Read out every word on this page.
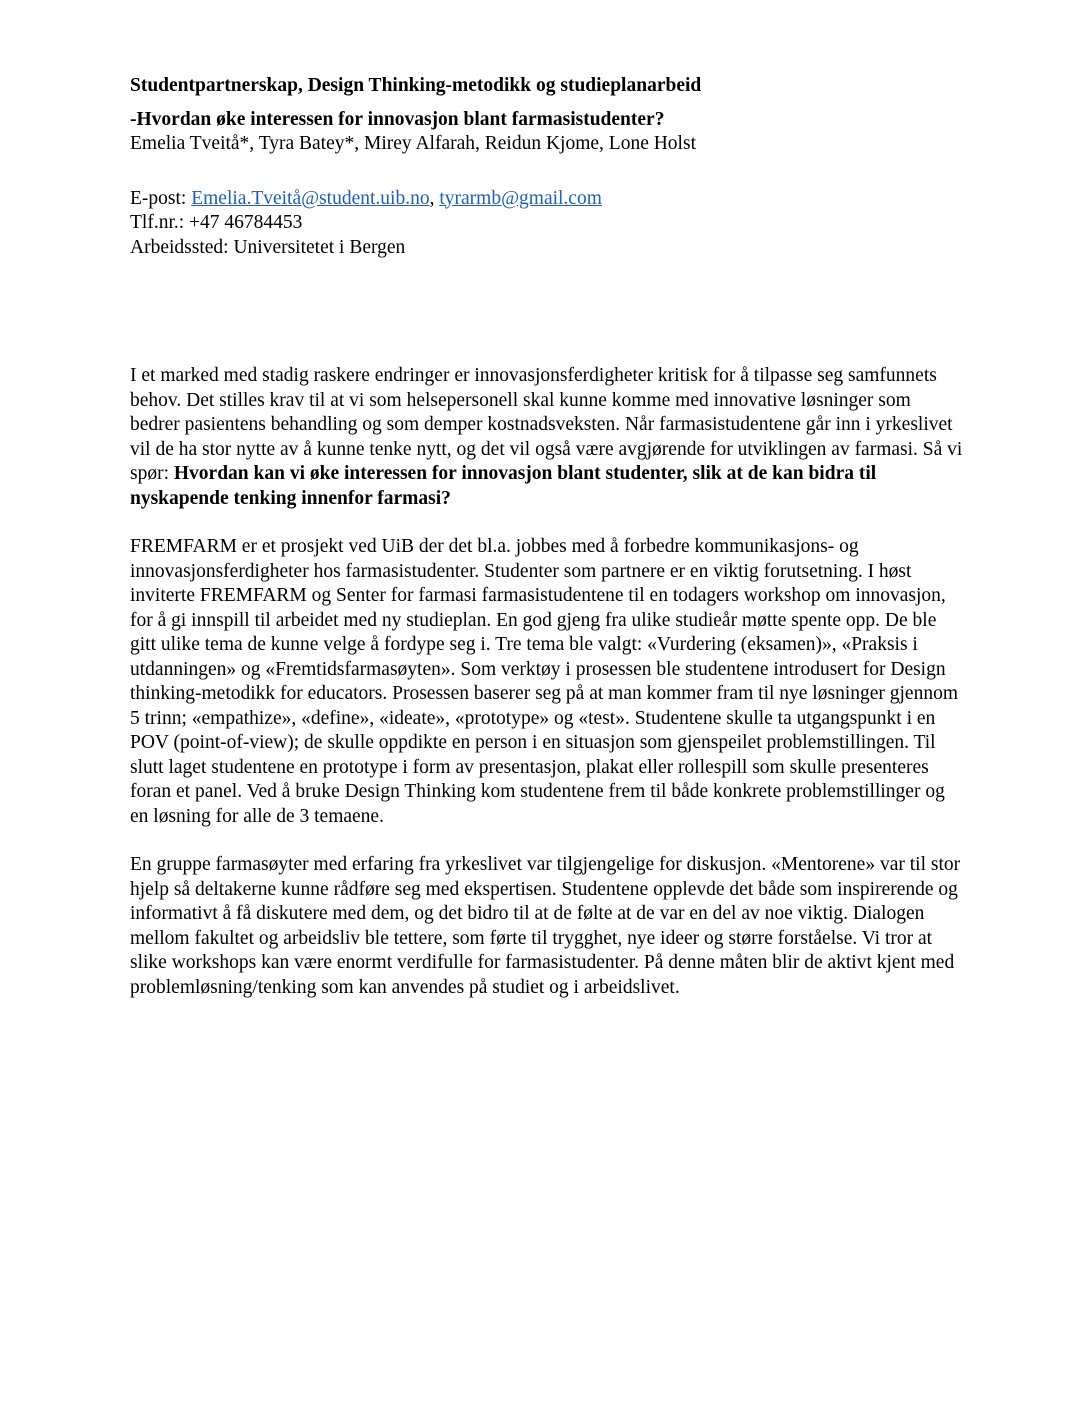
Studentpartnerskap, Design Thinking-metodikk og studieplanarbeid

-Hvordan øke interessen for innovasjon blant farmasistudenter?

Emelia Tveitå*, Tyra Batey*, Mirey Alfarah, Reidun Kjome, Lone Holst

E-post: Emelia.Tveitå@student.uib.no, tyrarmb@gmail.com
Tlf.nr.: +47 46784453
Arbeidssted: Universitetet i Bergen

I et marked med stadig raskere endringer er innovasjonsferdigheter kritisk for å tilpasse seg samfunnets behov. Det stilles krav til at vi som helsepersonell skal kunne komme med innovative løsninger som bedrer pasientens behandling og som demper kostnadsveksten. Når farmasistudentene går inn i yrkeslivet vil de ha stor nytte av å kunne tenke nytt, og det vil også være avgjørende for utviklingen av farmasi. Så vi spør: Hvordan kan vi øke interessen for innovasjon blant studenter, slik at de kan bidra til nyskapende tenking innenfor farmasi?

FREMFARM er et prosjekt ved UiB der det bl.a. jobbes med å forbedre kommunikasjons- og innovasjonsferdigheter hos farmasistudenter. Studenter som partnere er en viktig forutsetning. I høst inviterte FREMFARM og Senter for farmasi farmasistudentene til en todagers workshop om innovasjon, for å gi innspill til arbeidet med ny studieplan. En god gjeng fra ulike studieår møtte spente opp. De ble gitt ulike tema de kunne velge å fordype seg i. Tre tema ble valgt: «Vurdering (eksamen)», «Praksis i utdanningen» og «Fremtidsfarmasøyten». Som verktøy i prosessen ble studentene introdusert for Design thinking-metodikk for educators. Prosessen baserer seg på at man kommer fram til nye løsninger gjennom 5 trinn; «empathize», «define», «ideate», «prototype» og «test». Studentene skulle ta utgangspunkt i en POV (point-of-view); de skulle oppdikte en person i en situasjon som gjenspeilet problemstillingen. Til slutt laget studentene en prototype i form av presentasjon, plakat eller rollespill som skulle presenteres foran et panel. Ved å bruke Design Thinking kom studentene frem til både konkrete problemstillinger og en løsning for alle de 3 temaene.

En gruppe farmasøyter med erfaring fra yrkeslivet var tilgjengelige for diskusjon. «Mentorene» var til stor hjelp så deltakerne kunne rådføre seg med ekspertisen. Studentene opplevde det både som inspirerende og informativt å få diskutere med dem, og det bidro til at de følte at de var en del av noe viktig. Dialogen mellom fakultet og arbeidsliv ble tettere, som førte til trygghet, nye ideer og større forståelse. Vi tror at slike workshops kan være enormt verdifulle for farmasistudenter. På denne måten blir de aktivt kjent med problemløsning/tenking som kan anvendes på studiet og i arbeidslivet.
